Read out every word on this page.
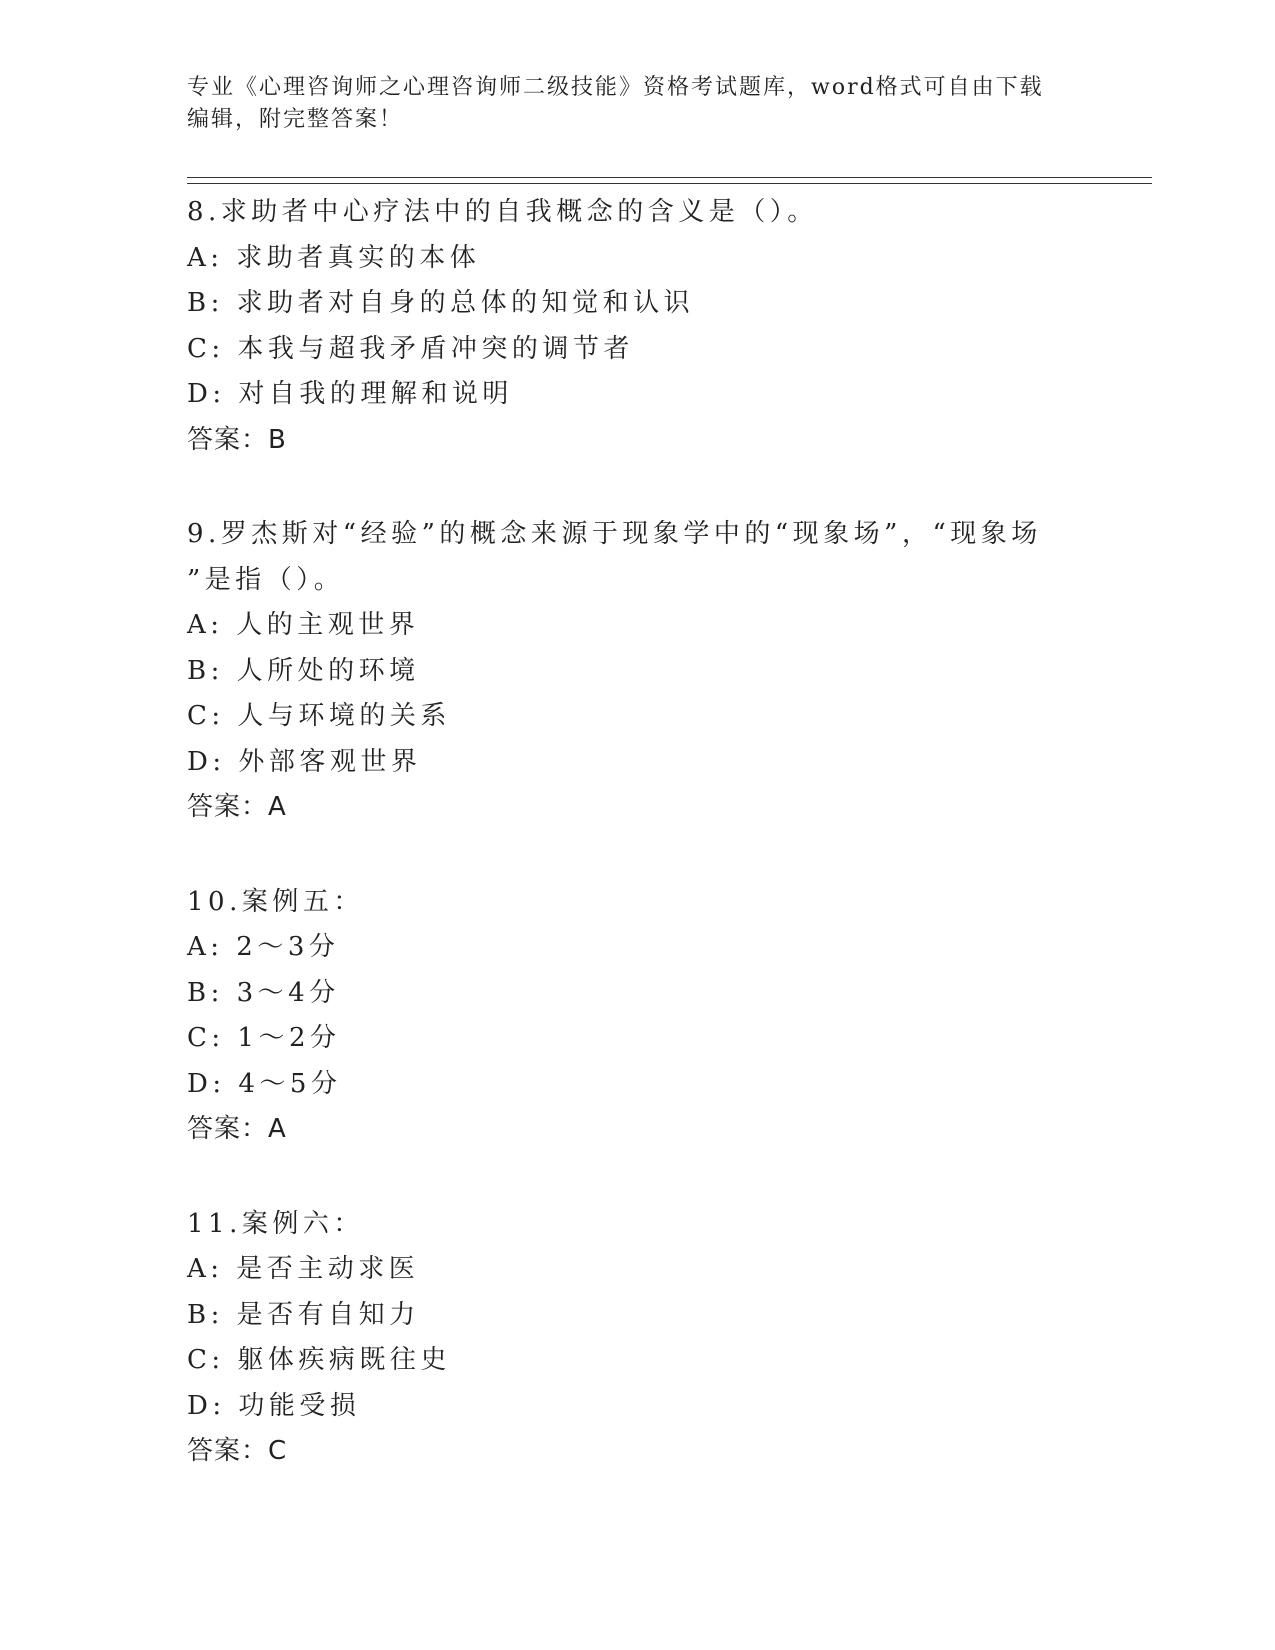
专业《心理咨询师之心理咨询师二级技能》资格考试题库，word格式可自由下载
编辑，附完整答案！

8.求助者中心疗法中的自我概念的含义是（）。

A: 求助者真实的本体

B: 求助者对自身的总体的知觉和认识

C: 本我与超我矛盾冲突的调节者

D: 对自我的理解和说明

答案：B

9.罗杰斯对“经验”的概念来源于现象学中的“现象场”，“现象场

”是指（）。

A: 人的主观世界

B: 人所处的环境

C: 人与环境的关系

D: 外部客观世界

答案：A

10.案例五：

A: 2～3分

B: 3～4分

C: 1～2分

D: 4～5分

答案：A

11.案例六：

A: 是否主动求医

B: 是否有自知力

C: 躯体疾病既往史

D: 功能受损

答案：C
